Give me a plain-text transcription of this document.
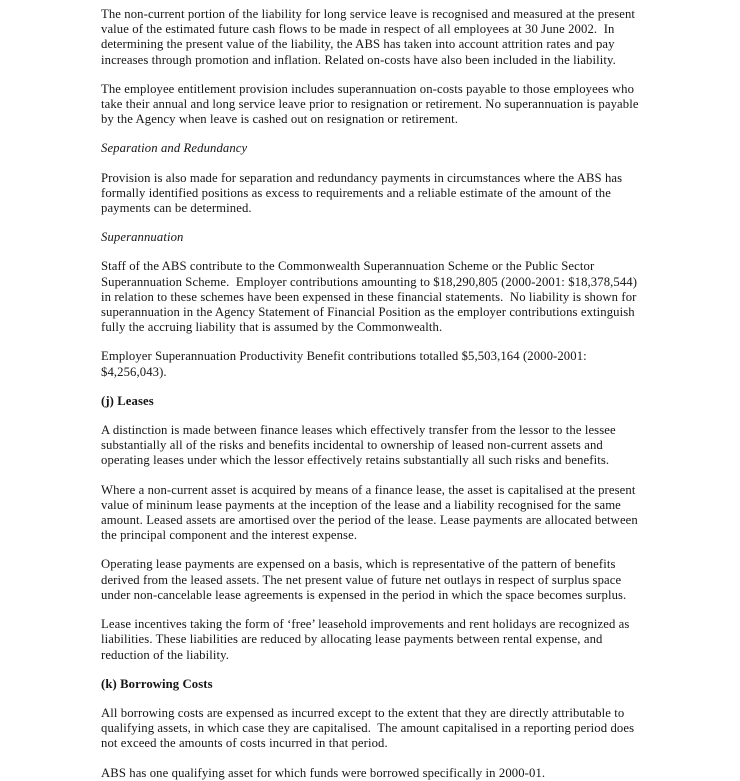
The non-current portion of the liability for long service leave is recognised and measured at the present value of the estimated future cash flows to be made in respect of all employees at 30 June 2002.  In determining the present value of the liability, the ABS has taken into account attrition rates and pay increases through promotion and inflation. Related on-costs have also been included in the liability.

The employee entitlement provision includes superannuation on-costs payable to those employees who take their annual and long service leave prior to resignation or retirement. No superannuation is payable by the Agency when leave is cashed out on resignation or retirement.

Separation and Redundancy

Provision is also made for separation and redundancy payments in circumstances where the ABS has formally identified positions as excess to requirements and a reliable estimate of the amount of the payments can be determined.

Superannuation

Staff of the ABS contribute to the Commonwealth Superannuation Scheme or the Public Sector Superannuation Scheme.  Employer contributions amounting to $18,290,805 (2000-2001: $18,378,544) in relation to these schemes have been expensed in these financial statements.  No liability is shown for superannuation in the Agency Statement of Financial Position as the employer contributions extinguish fully the accruing liability that is assumed by the Commonwealth.

Employer Superannuation Productivity Benefit contributions totalled $5,503,164 (2000-2001: $4,256,043).

(j) Leases

A distinction is made between finance leases which effectively transfer from the lessor to the lessee substantially all of the risks and benefits incidental to ownership of leased non-current assets and operating leases under which the lessor effectively retains substantially all such risks and benefits.

Where a non-current asset is acquired by means of a finance lease, the asset is capitalised at the present value of mininum lease payments at the inception of the lease and a liability recognised for the same amount. Leased assets are amortised over the period of the lease. Lease payments are allocated between the principal component and the interest expense.

Operating lease payments are expensed on a basis, which is representative of the pattern of benefits derived from the leased assets. The net present value of future net outlays in respect of surplus space under non-cancelable lease agreements is expensed in the period in which the space becomes surplus.

Lease incentives taking the form of ‘free’ leasehold improvements and rent holidays are recognized as liabilities. These liabilities are reduced by allocating lease payments between rental expense, and reduction of the liability.

(k) Borrowing Costs

All borrowing costs are expensed as incurred except to the extent that they are directly attributable to qualifying assets, in which case they are capitalised.  The amount capitalised in a reporting period does not exceed the amounts of costs incurred in that period.

ABS has one qualifying asset for which funds were borrowed specifically in 2000-01.
